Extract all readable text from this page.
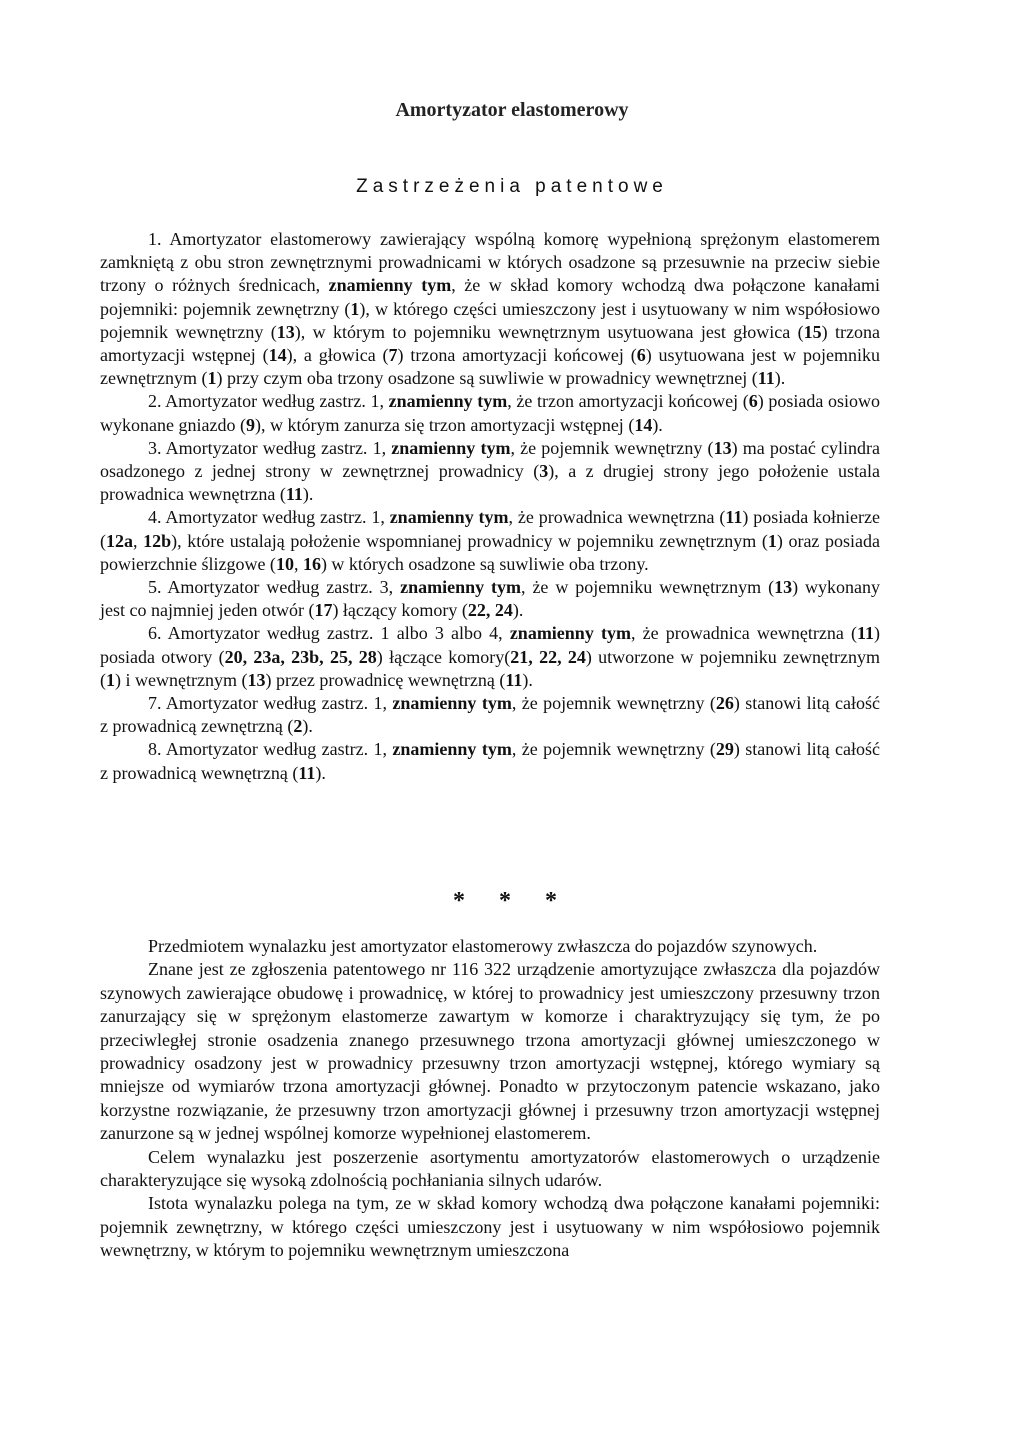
Amortyzator elastomerowy
Zastrzeżenia patentowe

1. Amortyzator elastomerowy zawierający wspólną komorę wypełnioną sprężonym elastomerem zamkniętą z obu stron zewnętrznymi prowadnicami w których osadzone są przesuwnie na przeciw siebie trzony o różnych średnicach, znamienny tym, że w skład komory wchodzą dwa połączone kanałami pojemniki: pojemnik zewnętrzny (1), w którego części umieszczony jest i usytuowany w nim współosiowo pojemnik wewnętrzny (13), w którym to pojemniku wewnętrznym usytuowana jest głowica (15) trzona amortyzacji wstępnej (14), a głowica (7) trzona amortyzacji końcowej (6) usytuowana jest w pojemniku zewnętrznym (1) przy czym oba trzony osadzone są suwliwie w prowadnicy wewnętrznej (11).

2. Amortyzator według zastrz. 1, znamienny tym, że trzon amortyzacji końcowej (6) posiada osiowo wykonane gniazdo (9), w którym zanurza się trzon amortyzacji wstępnej (14).

3. Amortyzator według zastrz. 1, znamienny tym, że pojemnik wewnętrzny (13) ma postać cylindra osadzonego z jednej strony w zewnętrznej prowadnicy (3), a z drugiej strony jego położenie ustala prowadnica wewnętrzna (11).

4. Amortyzator według zastrz. 1, znamienny tym, że prowadnica wewnętrzna (11) posiada kołnierze (12a, 12b), które ustalają położenie wspomnianej prowadnicy w pojemniku zewnętrznym (1) oraz posiada powierzchnie ślizgowe (10, 16) w których osadzone są suwliwie oba trzony.

5. Amortyzator według zastrz. 3, znamienny tym, że w pojemniku wewnętrznym (13) wykonany jest co najmniej jeden otwór (17) łączący komory (22, 24).

6. Amortyzator według zastrz. 1 albo 3 albo 4, znamienny tym, że prowadnica wewnętrzna (11) posiada otwory (20, 23a, 23b, 25, 28) łączące komory(21, 22, 24) utworzone w pojemniku zewnętrznym (1) i wewnętrznym (13) przez prowadnicę wewnętrzną (11).

7. Amortyzator według zastrz. 1, znamienny tym, że pojemnik wewnętrzny (26) stanowi litą całość z prowadnicą zewnętrzną (2).

8. Amortyzator według zastrz. 1, znamienny tym, że pojemnik wewnętrzny (29) stanowi litą całość z prowadnicą wewnętrzną (11).

* * *

Przedmiotem wynalazku jest amortyzator elastomerowy zwłaszcza do pojazdów szynowych.

Znane jest ze zgłoszenia patentowego nr 116 322 urządzenie amortyzujące zwłaszcza dla pojazdów szynowych zawierające obudowę i prowadnicę, w której to prowadnicy jest umieszczony przesuwny trzon zanurzający się w sprężonym elastomerze zawartym w komorze i charaktryzujący się tym, że po przeciwległej stronie osadzenia znanego przesuwnego trzona amortyzacji głównej umieszczonego w prowadnicy osadzony jest w prowadnicy przesuwny trzon amortyzacji wstępnej, którego wymiary są mniejsze od wymiarów trzona amortyzacji głównej. Ponadto w przytoczonym patencie wskazano, jako korzystne rozwiązanie, że przesuwny trzon amortyzacji głównej i przesuwny trzon amortyzacji wstępnej zanurzone są w jednej wspólnej komorze wypełnionej elastomerem.

Celem wynalazku jest poszerzenie asortymentu amortyzatorów elastomerowych o urządzenie charakteryzujące się wysoką zdolnością pochłaniania silnych udarów.

Istota wynalazku polega na tym, ze w skład komory wchodzą dwa połączone kanałami pojemniki: pojemnik zewnętrzny, w którego części umieszczony jest i usytuowany w nim współosiowo pojemnik wewnętrzny, w którym to pojemniku wewnętrznym umieszczona
